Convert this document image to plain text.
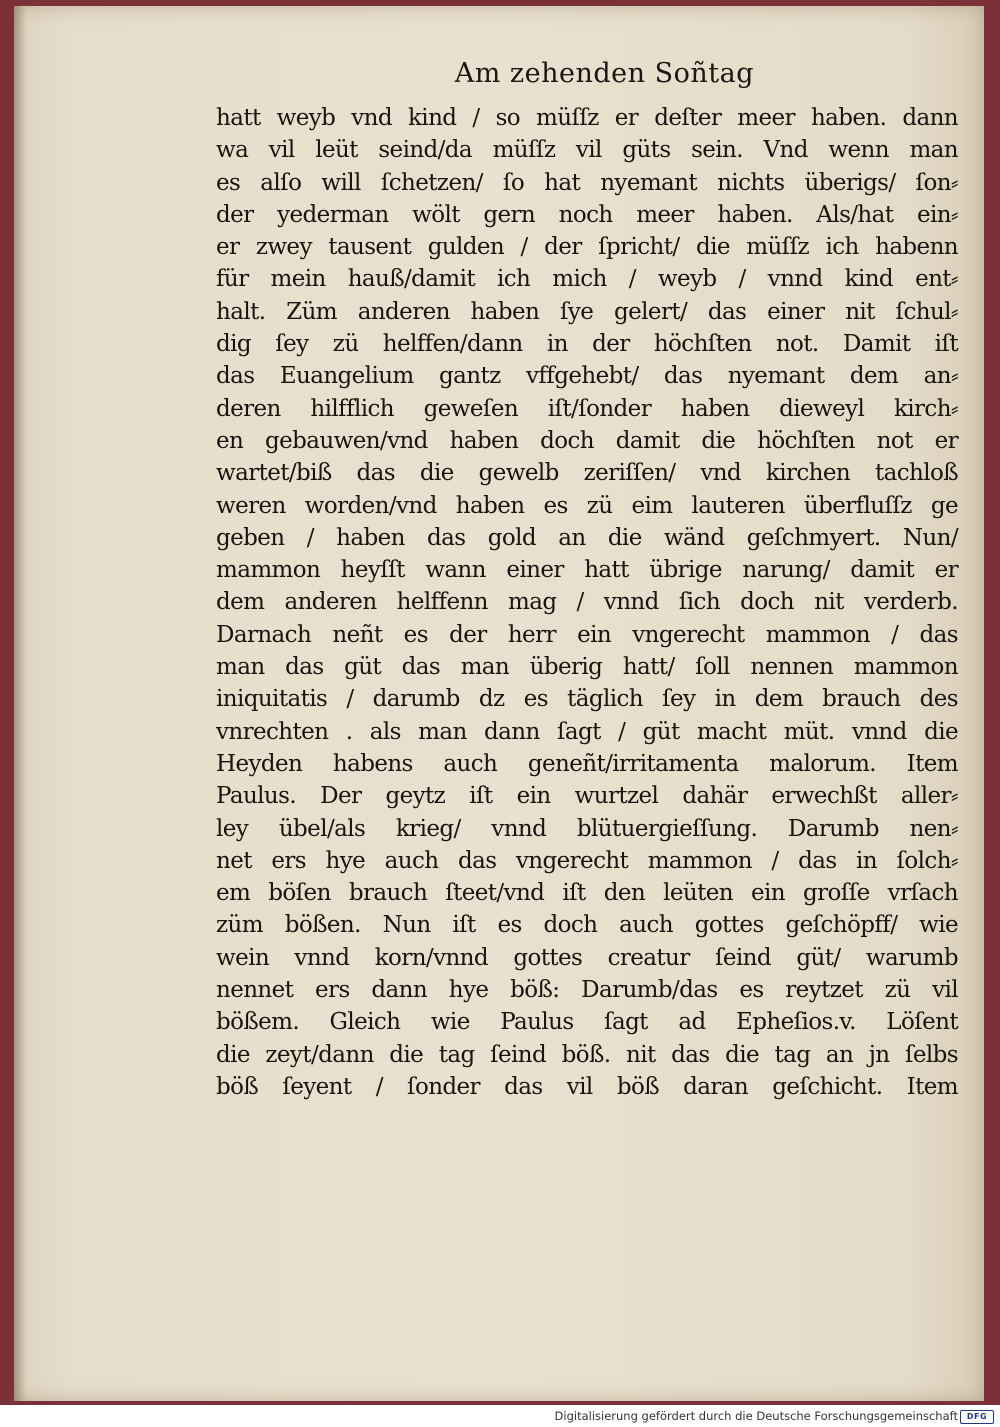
Am zehenden Soñtag
hatt weyb vnd kind / so müſſz er deſter meer haben. dann
wa vil leüt seind/da müſſz vil güts sein. Vnd wenn man
es alſo will ſchetzen/ ſo hat nyemant nichts überigs/ ſon⸗
der yederman wölt gern noch meer haben. Als/hat ein⸗
er zwey tausent gulden / der ſpricht/ die müſſz ich habenn
für mein hauß/damit ich mich / weyb / vnnd kind ent⸗
halt. Züm anderen haben ſye gelert/ das einer nit ſchul⸗
dig ſey zü helffen/dann in der höchſten not. Damit iſt
das Euangelium gantz vffgehebt/ das nyemant dem an⸗
deren hilfflich geweſen iſt/ſonder haben dieweyl kirch⸗
en gebauwen/vnd haben doch damit die höchſten not er
wartet/biß das die gewelb zeriſſen/ vnd kirchen tachloß
weren worden/vnd haben es zü eim lauteren überfluſſz ge
geben / haben das gold an die wänd geſchmyert. Nun/
mammon heyſſt wann einer hatt übrige narung/ damit er
dem anderen helffenn mag / vnnd ſich doch nit verderb.
Darnach neñt es der herr ein vngerecht mammon / das
man das güt das man überig hatt/ ſoll nennen mammon
iniquitatis / darumb dz es täglich ſey in dem brauch des
vnrechten . als man dann ſagt / güt macht müt. vnnd die
Heyden habens auch geneñt/irritamenta malorum. Item
Paulus. Der geytz iſt ein wurtzel dahär erwechßt aller⸗
ley übel/als krieg/ vnnd blütuergieſſung. Darumb nen⸗
net ers hye auch das vngerecht mammon / das in ſolch⸗
em böſen brauch ſteet/vnd iſt den leüten ein groſſe vrſach
züm bößen. Nun iſt es doch auch gottes geſchöpff/ wie
wein vnnd korn/vnnd gottes creatur ſeind güt/ warumb
nennet ers dann hye böß: Darumb/das es reytzet zü vil
bößem. Gleich wie Paulus ſagt ad Epheſios.v. Löſent
die zeyt/dann die tag ſeind böß. nit das die tag an jn ſelbs
böß ſeyent / ſonder das vil böß daran geſchicht. Item
Digitalisierung gefördert durch die Deutsche Forschungsgemeinschaft	DFG
